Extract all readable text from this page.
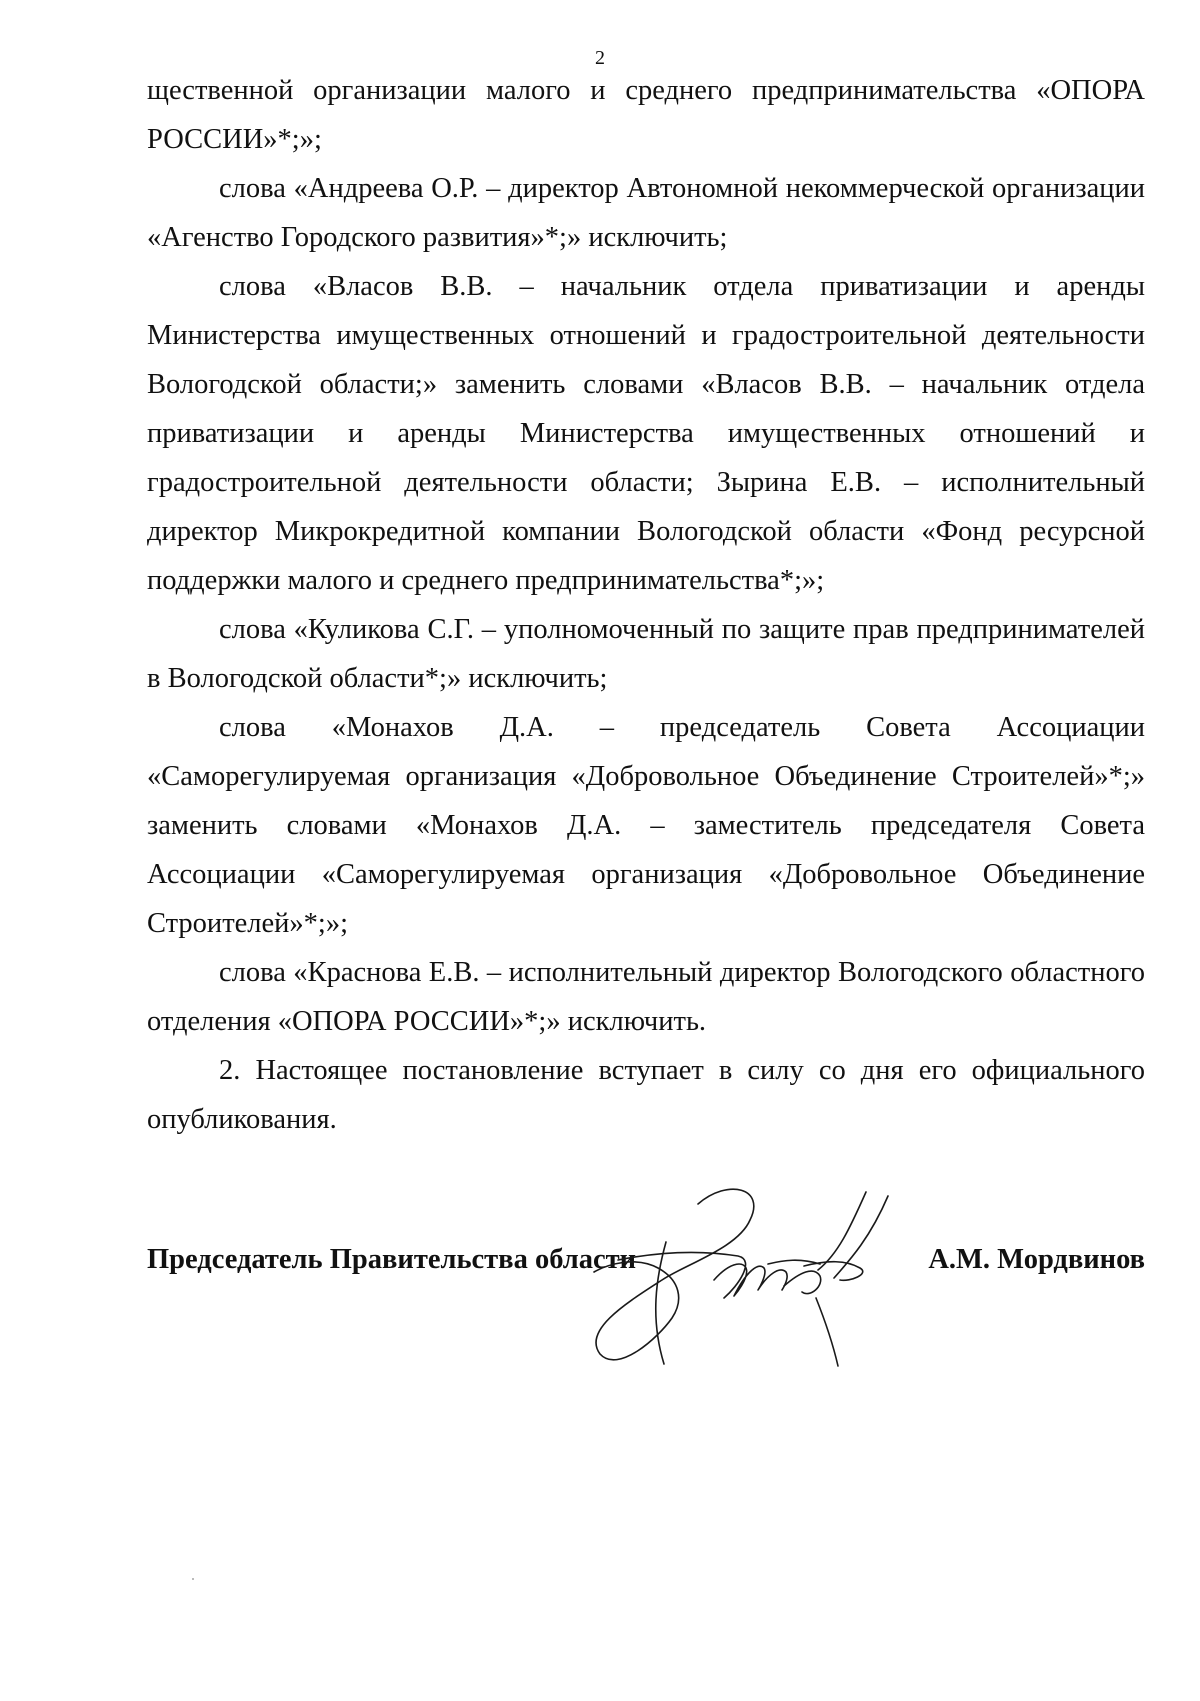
2

щественной организации малого и среднего предпринимательства «ОПОРА РОССИИ»*;»;

слова «Андреева О.Р. – директор Автономной некоммерческой организации «Агенство Городского развития»*;» исключить;

слова «Власов В.В. – начальник отдела приватизации и аренды Министерства имущественных отношений и градостроительной деятельности Вологодской области;» заменить словами «Власов В.В. – начальник отдела приватизации и аренды Министерства имущественных отношений и градостроительной деятельности области; Зырина Е.В. – исполнительный директор Микрокредитной компании Вологодской области «Фонд ресурсной поддержки малого и среднего предпринимательства*;»;

слова «Куликова С.Г. – уполномоченный по защите прав предпринимателей в Вологодской области*;» исключить;

слова «Монахов Д.А. – председатель Совета Ассоциации «Саморегулируемая организация «Добровольное Объединение Строителей»*;» заменить словами «Монахов Д.А. – заместитель председателя Совета Ассоциации «Саморегулируемая организация «Добровольное Объединение Строителей»*;»;

слова «Краснова Е.В. – исполнительный директор Вологодского областного отделения «ОПОРА РОССИИ»*;» исключить.

2. Настоящее постановление вступает в силу со дня его официального опубликования.

Председатель Правительства области	А.М. Мордвинов
